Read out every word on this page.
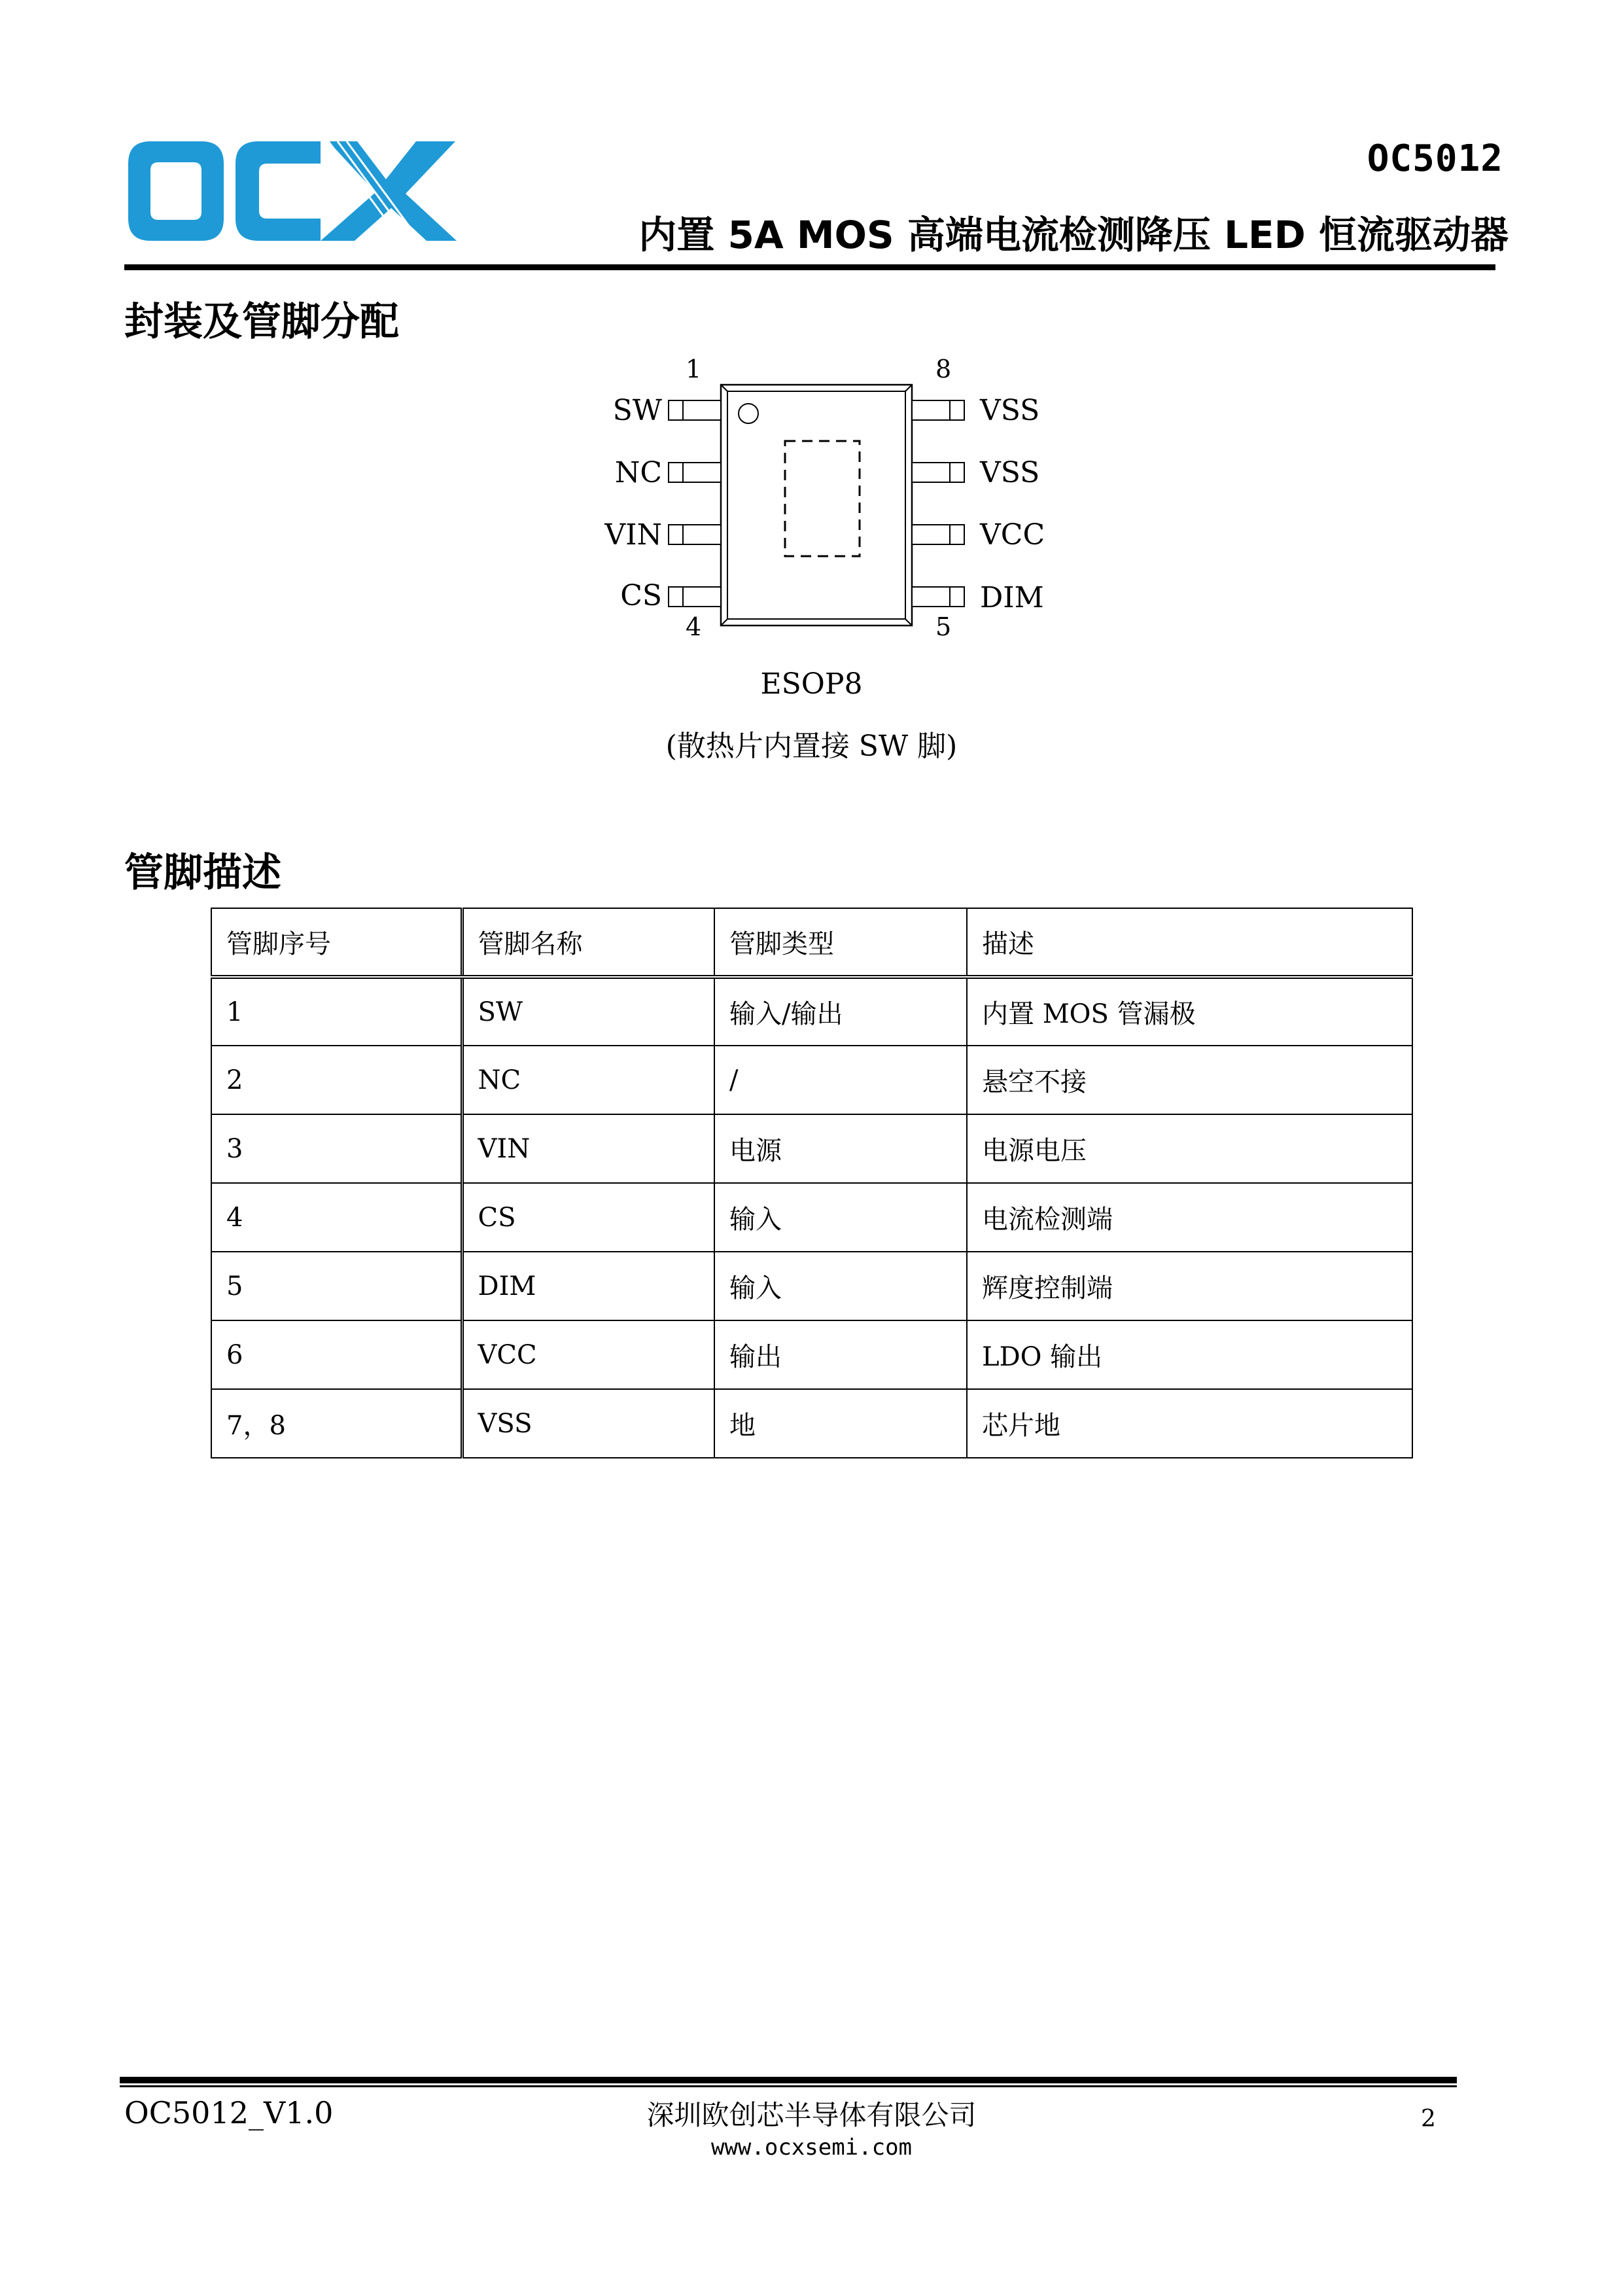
OCX
OC5012
内置 5A MOS 高端电流检测降压 LED 恒流驱动器
封装及管脚分配
SW
NC
VIN
CS
VSS
VSS
VCC
DIM
1	8
4	5
ESOP8
(散热片内置接 SW 脚)
管脚描述
管脚序号	管脚名称	管脚类型	描述
1	SW	输入/输出	内置 MOS 管漏极
2	NC	/	悬空不接
3	VIN	电源	电源电压
4	CS	输入	电流检测端
5	DIM	输入	辉度控制端
6	VCC	输出	LDO 输出
7，8	VSS	地	芯片地
OC5012_V1.0	深圳欧创芯半导体有限公司
www.ocxsemi.com
2
